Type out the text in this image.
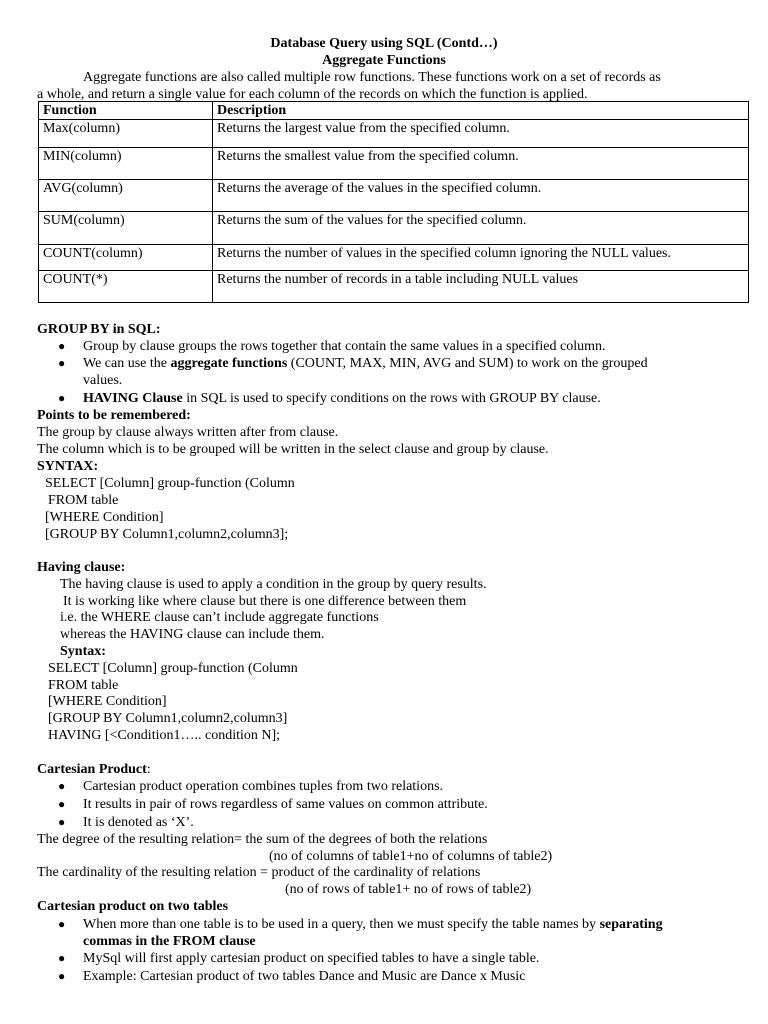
Database Query using SQL (Contd…)
Aggregate Functions
Aggregate functions are also called multiple row functions. These functions work on a set of records as
a whole, and return a single value for each column of the records on which the function is applied.
Function	Description
Max(column)	Returns the largest value from the specified column.
MIN(column)	Returns the smallest value from the specified column.
AVG(column)	Returns the average of the values in the specified column.
SUM(column)	Returns the sum of the values for the specified column.
COUNT(column)	Returns the number of values in the specified column ignoring the NULL values.
COUNT(*)	Returns the number of records in a table including NULL values
GROUP BY in SQL:
● Group by clause groups the rows together that contain the same values in a specified column.
● We can use the aggregate functions (COUNT, MAX, MIN, AVG and SUM) to work on the grouped
values.
● HAVING Clause in SQL is used to specify conditions on the rows with GROUP BY clause.
Points to be remembered:
The group by clause always written after from clause.
The column which is to be grouped will be written in the select clause and group by clause.
SYNTAX:
SELECT [Column] group-function (Column
FROM table
[WHERE Condition]
[GROUP BY Column1,column2,column3];
Having clause:
The having clause is used to apply a condition in the group by query results.
It is working like where clause but there is one difference between them
i.e. the WHERE clause can’t include aggregate functions
whereas the HAVING clause can include them.
Syntax:
SELECT [Column] group-function (Column
FROM table
[WHERE Condition]
[GROUP BY Column1,column2,column3]
HAVING [<Condition1….. condition N];
Cartesian Product:
● Cartesian product operation combines tuples from two relations.
● It results in pair of rows regardless of same values on common attribute.
● It is denoted as ‘X’.
The degree of the resulting relation= the sum of the degrees of both the relations
(no of columns of table1+no of columns of table2)
The cardinality of the resulting relation = product of the cardinality of relations
(no of rows of table1+ no of rows of table2)
Cartesian product on two tables
● When more than one table is to be used in a query, then we must specify the table names by separating
commas in the FROM clause
● MySql will first apply cartesian product on specified tables to have a single table.
● Example: Cartesian product of two tables Dance and Music are Dance x Music
